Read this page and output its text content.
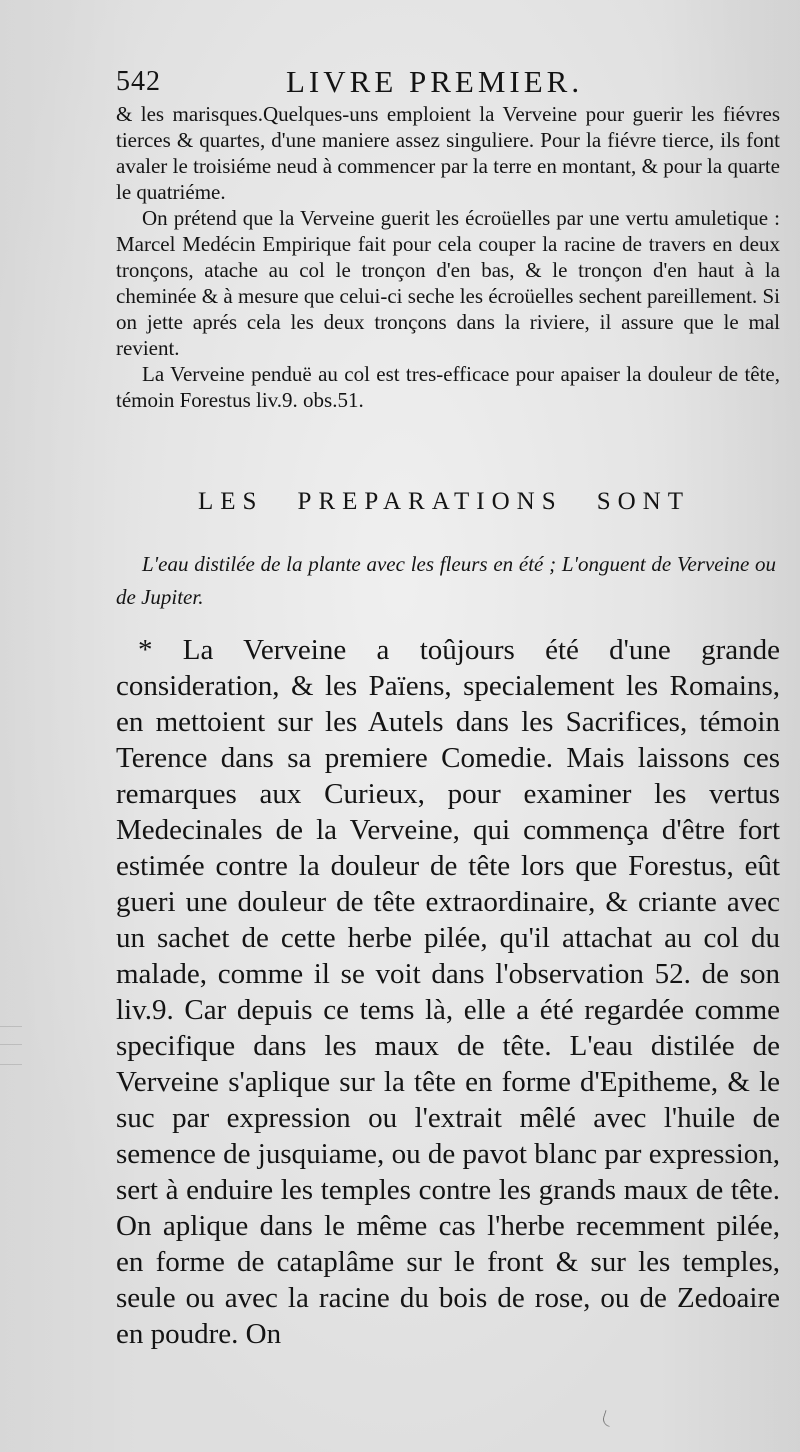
542	LIVRE PREMIER.

& les marisques.Quelques-uns emploient la Verveine pour guerir les fiévres tierces & quartes, d'une maniere assez singuliere. Pour la fiévre tierce, ils font avaler le troisiéme neud à commencer par la terre en montant, & pour la quarte le quatriéme.

On prétend que la Verveine guerit les écroüelles par une vertu amuletique : Marcel Medécin Empirique fait pour cela couper la racine de travers en deux tronçons, atache au col le tronçon d'en bas, & le tronçon d'en haut à la cheminée & à mesure que celui-ci seche les écroüelles sechent pareillement. Si on jette aprés cela les deux tronçons dans la riviere, il assure que le mal revient.

La Verveine penduë au col est tres-efficace pour apaiser la douleur de tête, témoin Forestus liv.9. obs.51.

LES PREPARATIONS SONT
L'eau distilée de la plante avec les fleurs en été ; L'onguent de Verveine ou de Jupiter.

* La Verveine a toûjours été d'une grande consideration, & les Païens, specialement les Romains, en mettoient sur les Autels dans les Sacrifices, témoin Terence dans sa premiere Comedie. Mais laissons ces remarques aux Curieux, pour examiner les vertus Medecinales de la Verveine, qui commença d'être fort estimée contre la douleur de tête lors que Forestus, eût gueri une douleur de tête extraordinaire, & criante avec un sachet de cette herbe pilée, qu'il attachat au col du malade, comme il se voit dans l'observation 52. de son liv.9. Car depuis ce tems là, elle a été regardée comme specifique dans les maux de tête. L'eau distilée de Verveine s'aplique sur la tête en forme d'Epitheme, & le suc par expression ou l'extrait mêlé avec l'huile de semence de jusquiame, ou de pavot blanc par expression, sert à enduire les temples contre les grands maux de tête. On aplique dans le même cas l'herbe recemment pilée, en forme de cataplâme sur le front & sur les temples, seule ou avec la racine du bois de rose, ou de Zedoaire en poudre. On
